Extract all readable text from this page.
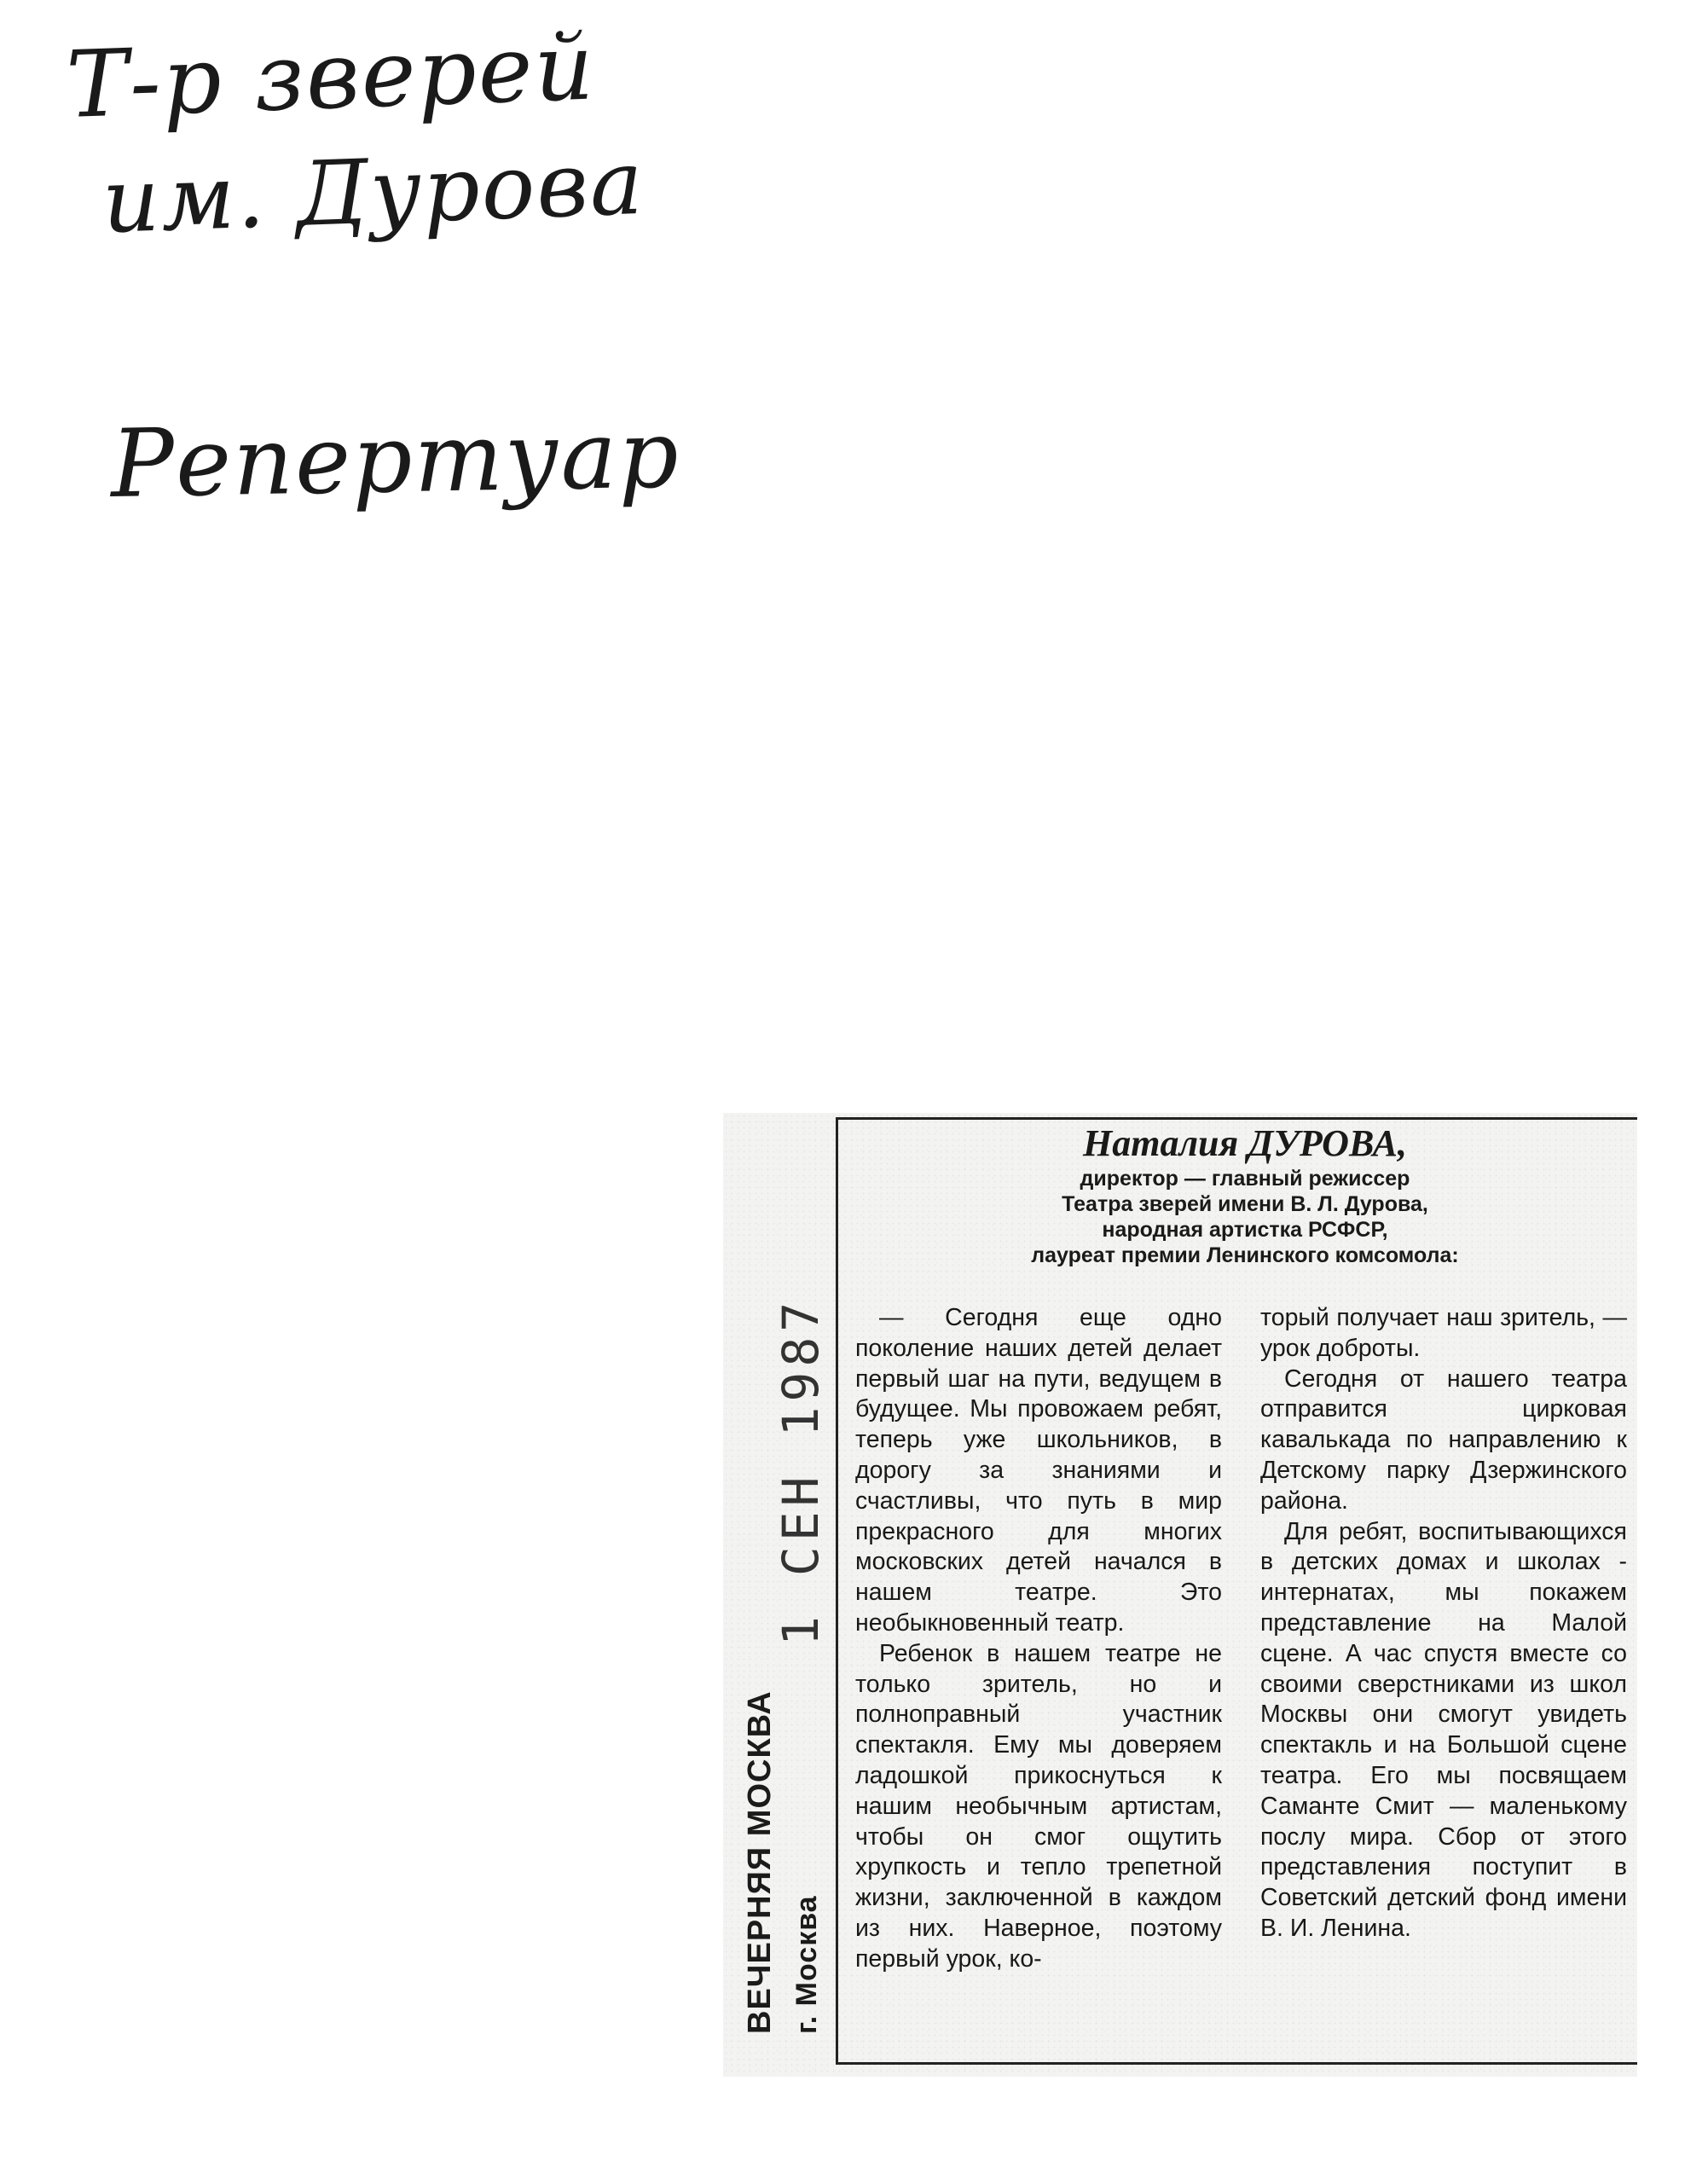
Т-р зверей
им. Дурова
Репертуар
ВЕЧЕРНЯЯ МОСКВА г. Москва
1 СЕН 1987
Наталия ДУРОВА,
директор — главный режиссер
Театра зверей имени В. Л. Дурова,
народная артистка РСФСР,
лауреат премии Ленинского комсомола:

— Сегодня еще одно поколение наших детей делает первый шаг на пути, ведущем в будущее. Мы провожаем ребят, теперь уже школьников, в дорогу за знаниями и счастливы, что путь в мир прекрасного для многих московских детей начался в нашем театре. Это необыкновенный театр.

Ребенок в нашем театре не только зритель, но и полноправный участник спектакля. Ему мы доверяем ладошкой прикоснуться к нашим необычным артистам, чтобы он смог ощутить хрупкость и тепло трепетной жизни, заключенной в каждом из них. Наверное, поэтому первый урок, ко-

торый получает наш зритель, — урок доброты.

Сегодня от нашего театра отправится цирковая кавалькада по направлению к Детскому парку Дзержинского района.

Для ребят, воспитывающихся в детских домах и школах - интернатах, мы покажем представление на Малой сцене. А час спустя вместе со своими сверстниками из школ Москвы они смогут увидеть спектакль и на Большой сцене театра. Его мы посвящаем Саманте Смит — маленькому послу мира. Сбор от этого представления поступит в Советский детский фонд имени В. И. Ленина.
